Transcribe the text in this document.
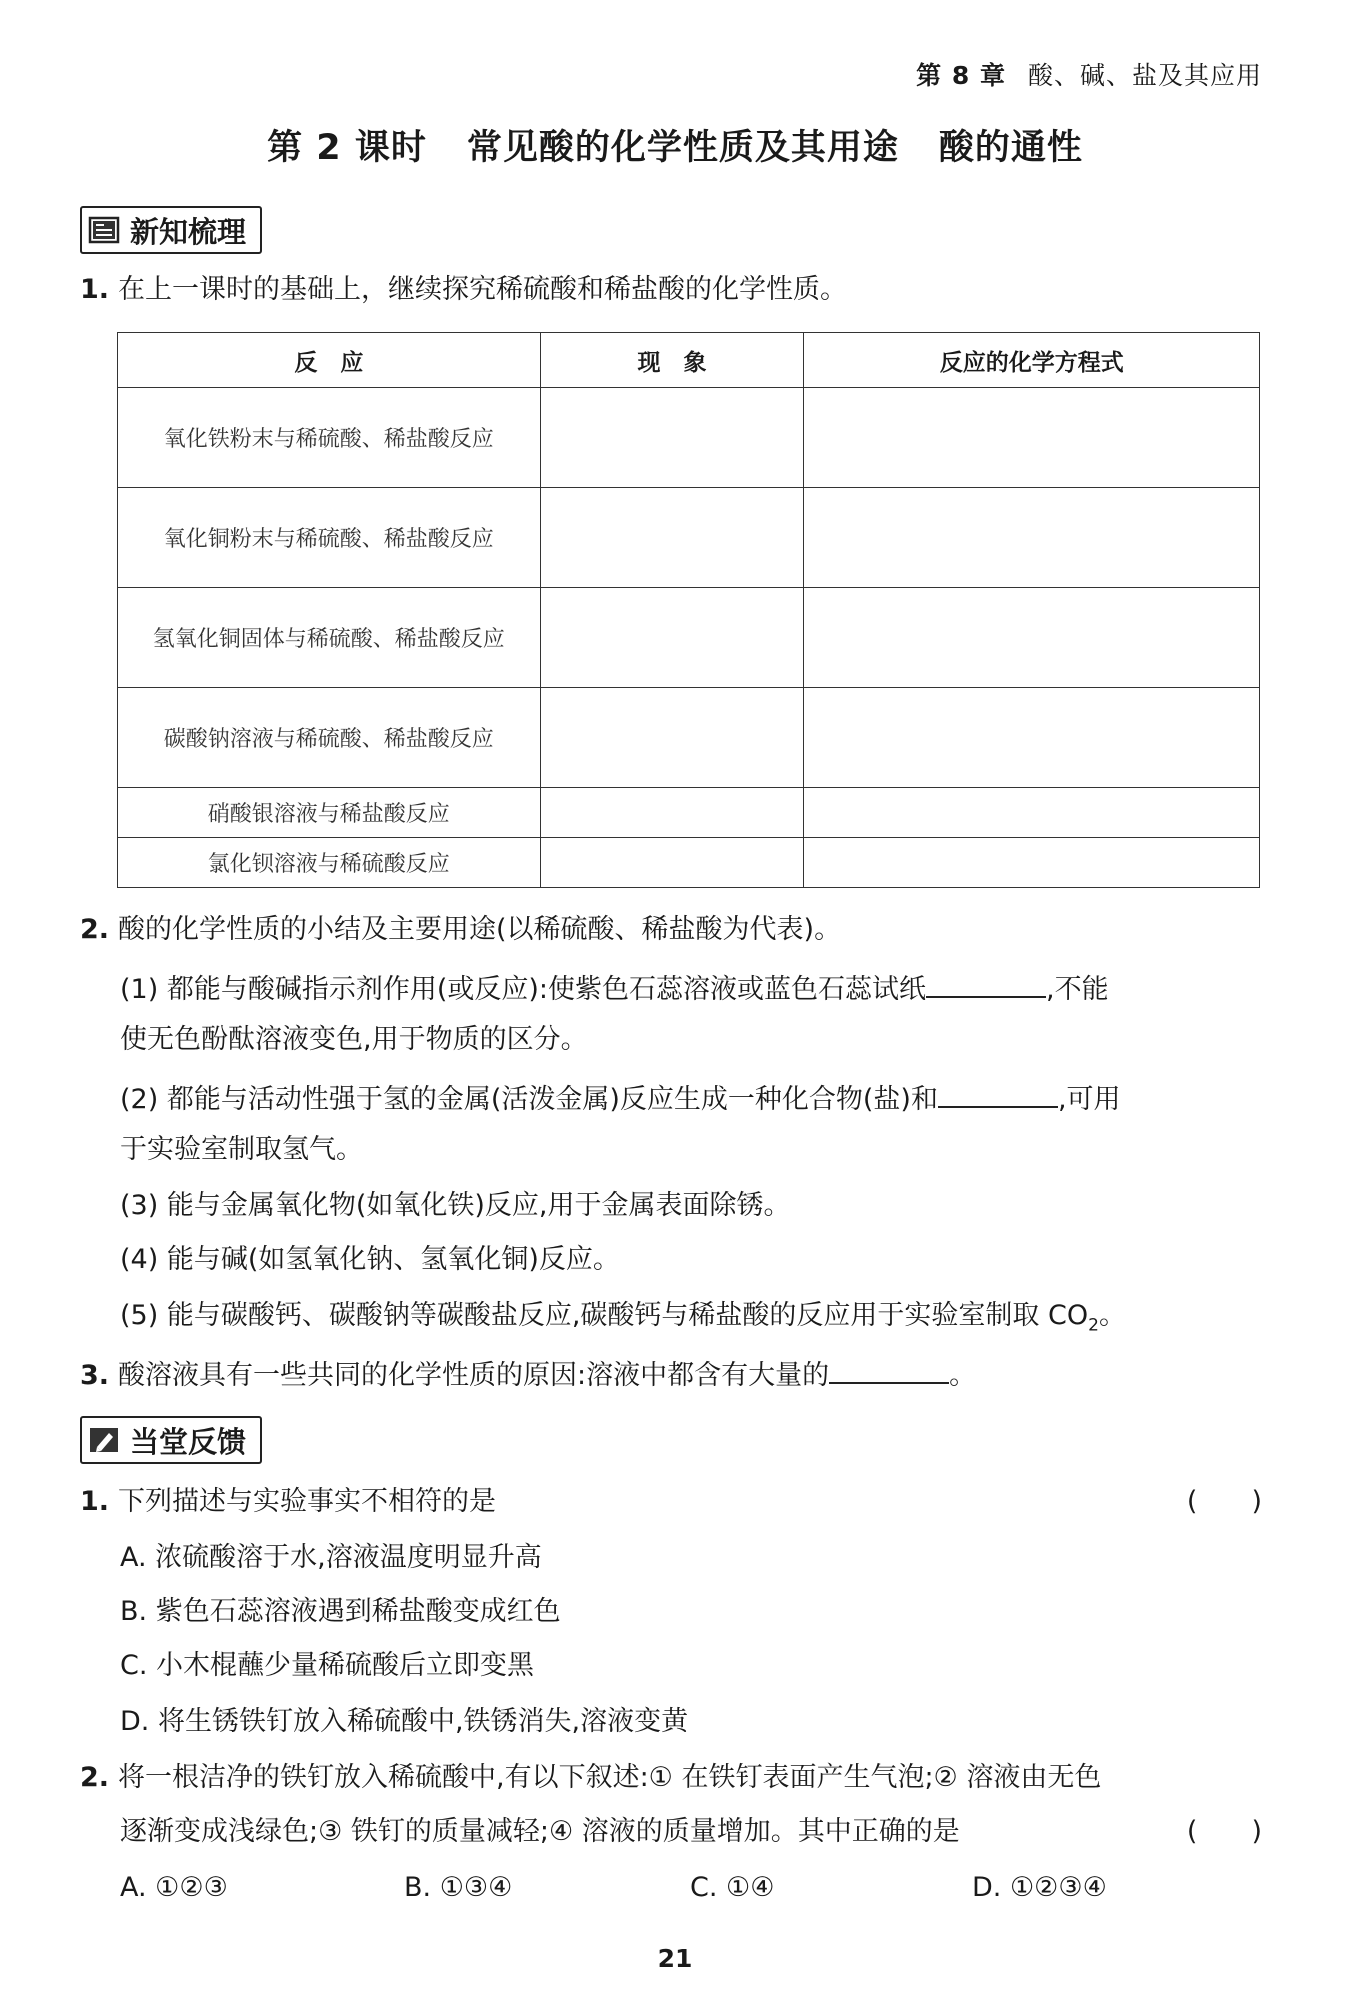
第 8 章 酸、碱、盐及其应用
第 2 课时 常见酸的化学性质及其用途 酸的通性
新知梳理
1. 在上一课时的基础上，继续探究稀硫酸和稀盐酸的化学性质。
反　应	现　象	反应的化学方程式
氧化铁粉末与稀硫酸、稀盐酸反应		
氧化铜粉末与稀硫酸、稀盐酸反应		
氢氧化铜固体与稀硫酸、稀盐酸反应		
碳酸钠溶液与稀硫酸、稀盐酸反应		
硝酸银溶液与稀盐酸反应		
氯化钡溶液与稀硫酸反应		
2. 酸的化学性质的小结及主要用途(以稀硫酸、稀盐酸为代表)。
(1) 都能与酸碱指示剂作用(或反应):使紫色石蕊溶液或蓝色石蕊试纸	,不能
使无色酚酞溶液变色,用于物质的区分。
(2) 都能与活动性强于氢的金属(活泼金属)反应生成一种化合物(盐)和	,可用
于实验室制取氢气。
(3) 能与金属氧化物(如氧化铁)反应,用于金属表面除锈。
(4) 能与碱(如氢氧化钠、氢氧化铜)反应。
(5) 能与碳酸钙、碳酸钠等碳酸盐反应,碳酸钙与稀盐酸的反应用于实验室制取 $CO_2$。
3. 酸溶液具有一些共同的化学性质的原因:溶液中都含有大量的	。
当堂反馈
1. 下列描述与实验事实不相符的是	(　　)
A. 浓硫酸溶于水,溶液温度明显升高
B. 紫色石蕊溶液遇到稀盐酸变成红色
C. 小木棍蘸少量稀硫酸后立即变黑
D. 将生锈铁钉放入稀硫酸中,铁锈消失,溶液变黄
2. 将一根洁净的铁钉放入稀硫酸中,有以下叙述:① 在铁钉表面产生气泡;② 溶液由无色
逐渐变成浅绿色;③ 铁钉的质量减轻;④ 溶液的质量增加。其中正确的是	(　　)
A. ①②③	B. ①③④	C. ①④	D. ①②③④
21
